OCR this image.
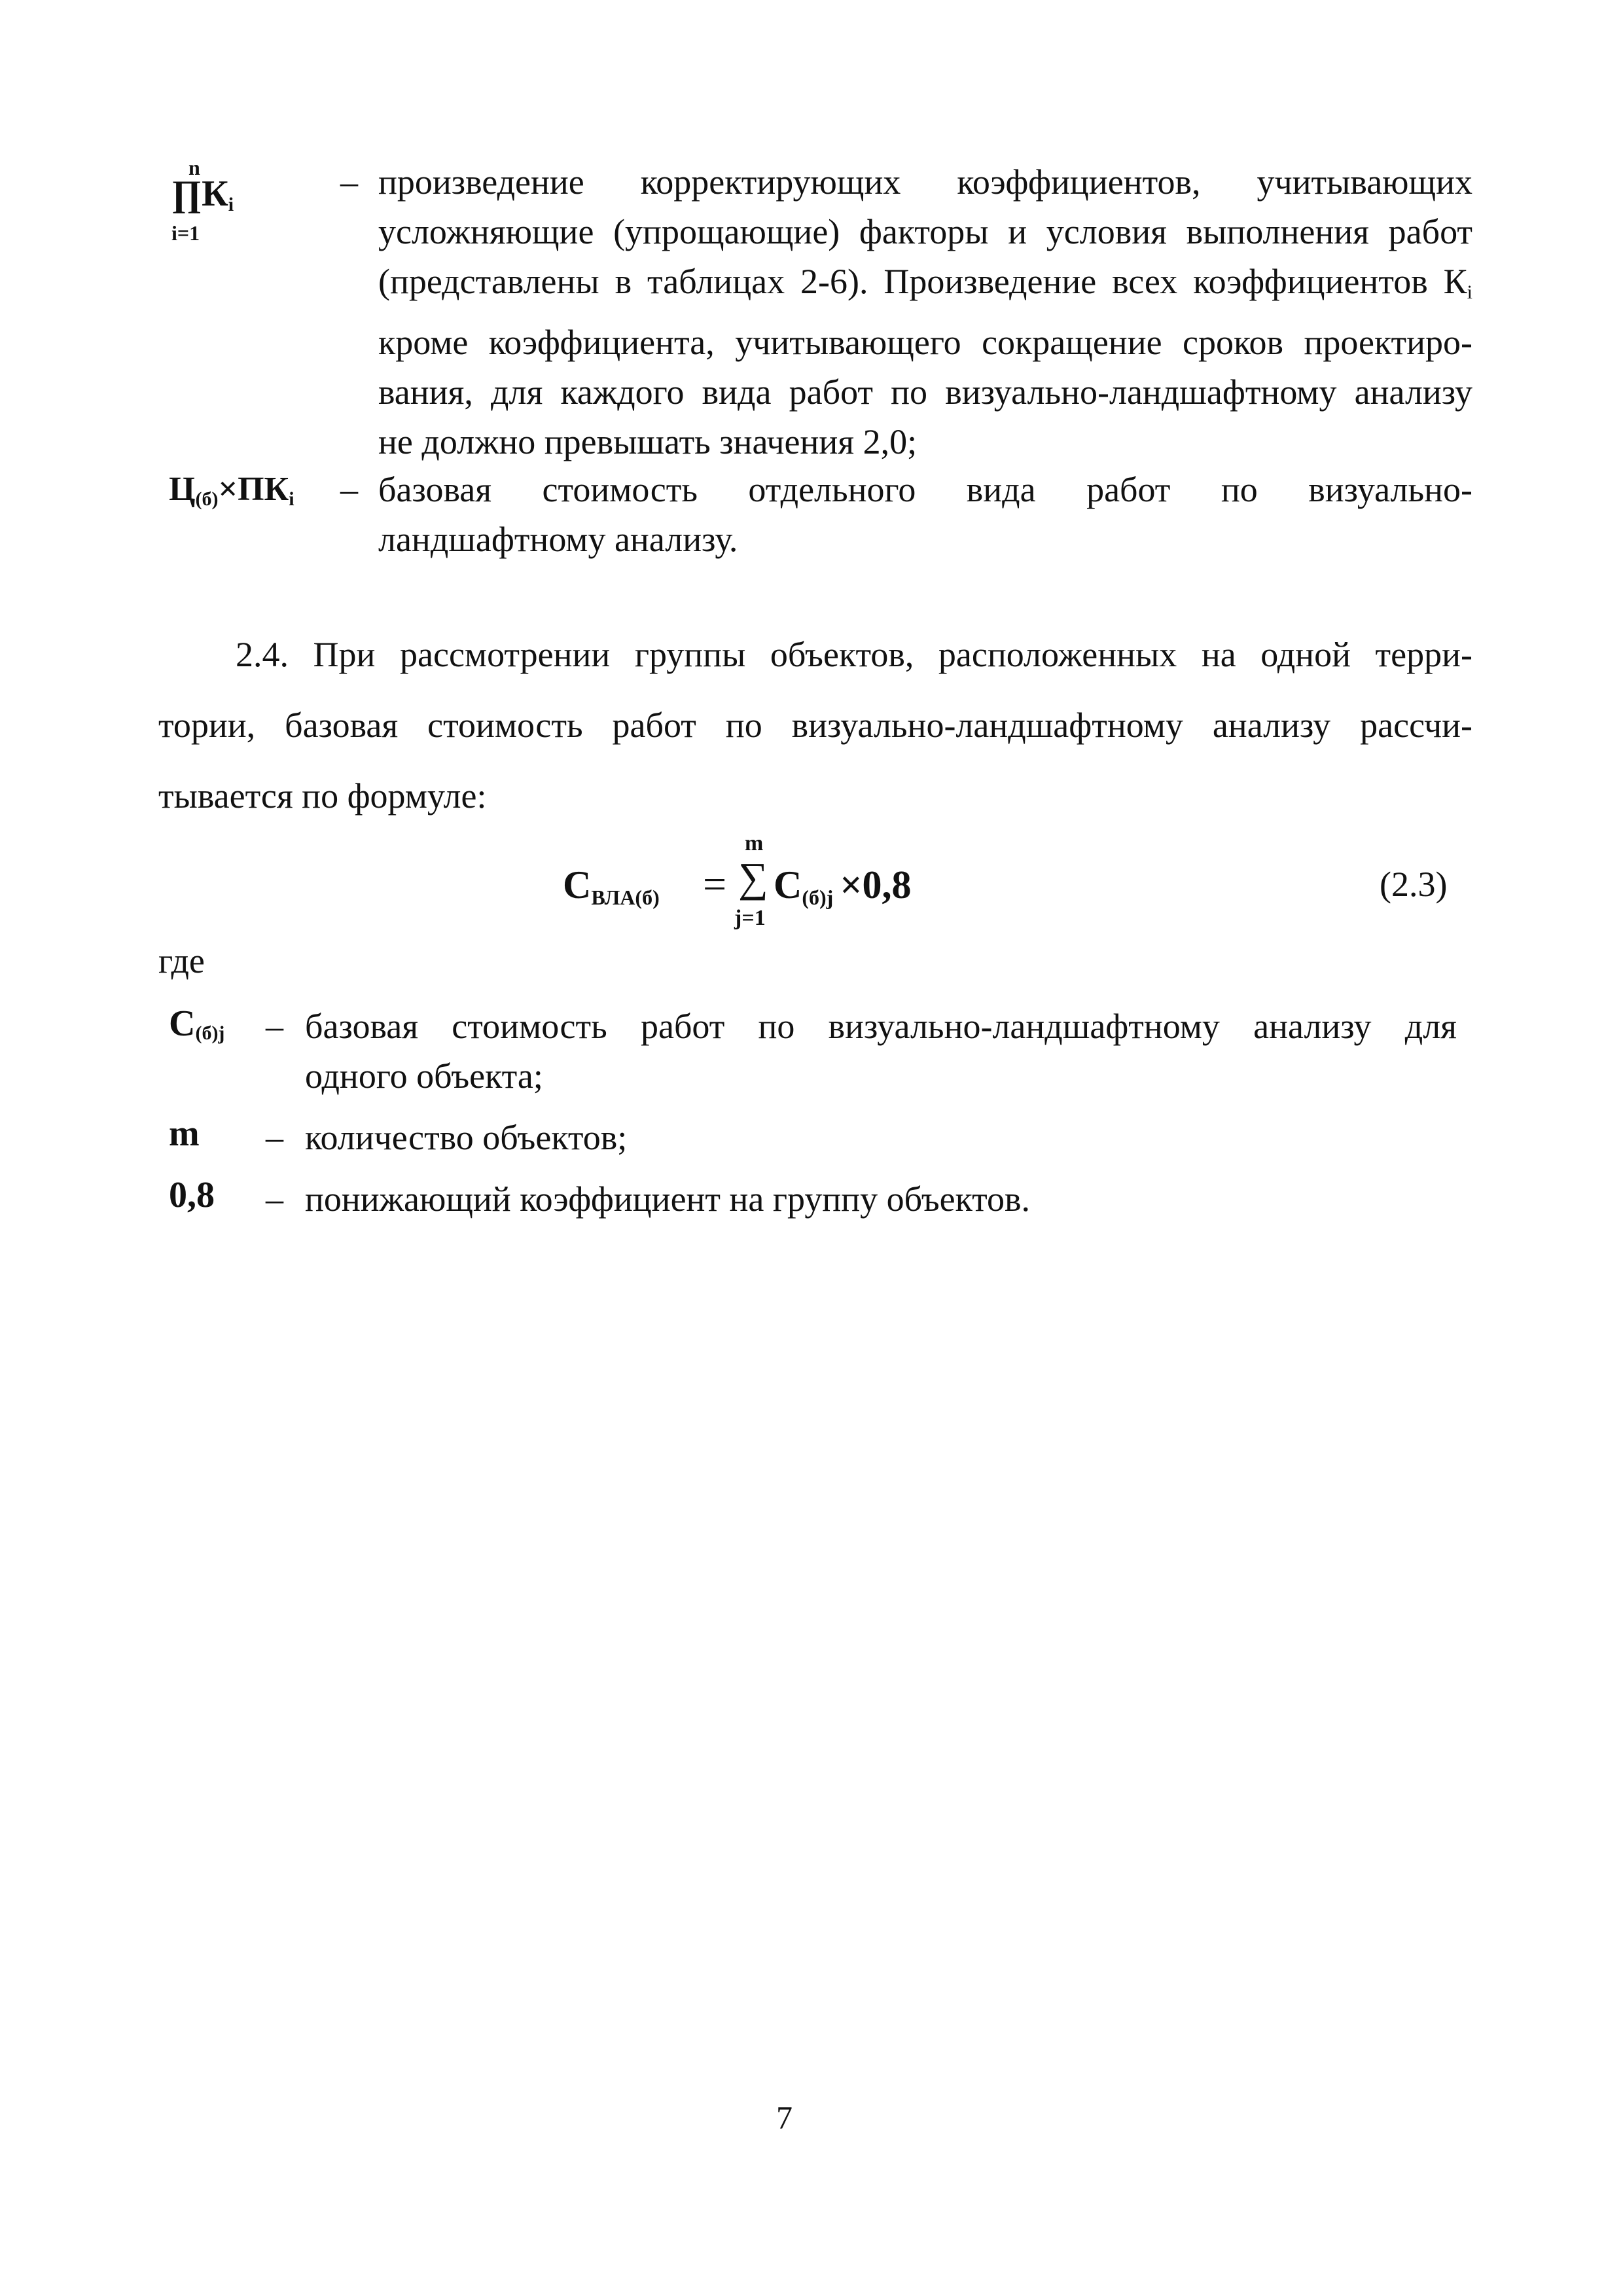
n
$\prod К_i$
i=1
– произведение корректирующих коэффициентов, учитывающих
усложняющие (упрощающие) факторы и условия выполнения работ
(представлены в таблицах 2-6). Произведение всех коэффициентов $К_i$
кроме коэффициента, учитывающего сокращение сроков проектиро-
вания, для каждого вида работ по визуально-ландшафтному анализу
не должно превышать значения 2,0;
$Ц_{(б)}\times ПК_i$ – базовая стоимость отдельного вида работ по визуально-
ландшафтному анализу.
2.4. При рассмотрении группы объектов, расположенных на одной терри-
тории, базовая стоимость работ по визуально-ландшафтному анализу рассчи-
тывается по формуле:
СВЛА(б) =
m
∑
j=1
С(б)j ×0,8	(2.3)
где
С(б)j – базовая стоимость работ по визуально-ландшафтному анализу для
одного объекта;
m – количество объектов;
0,8 – понижающий коэффициент на группу объектов.
7
